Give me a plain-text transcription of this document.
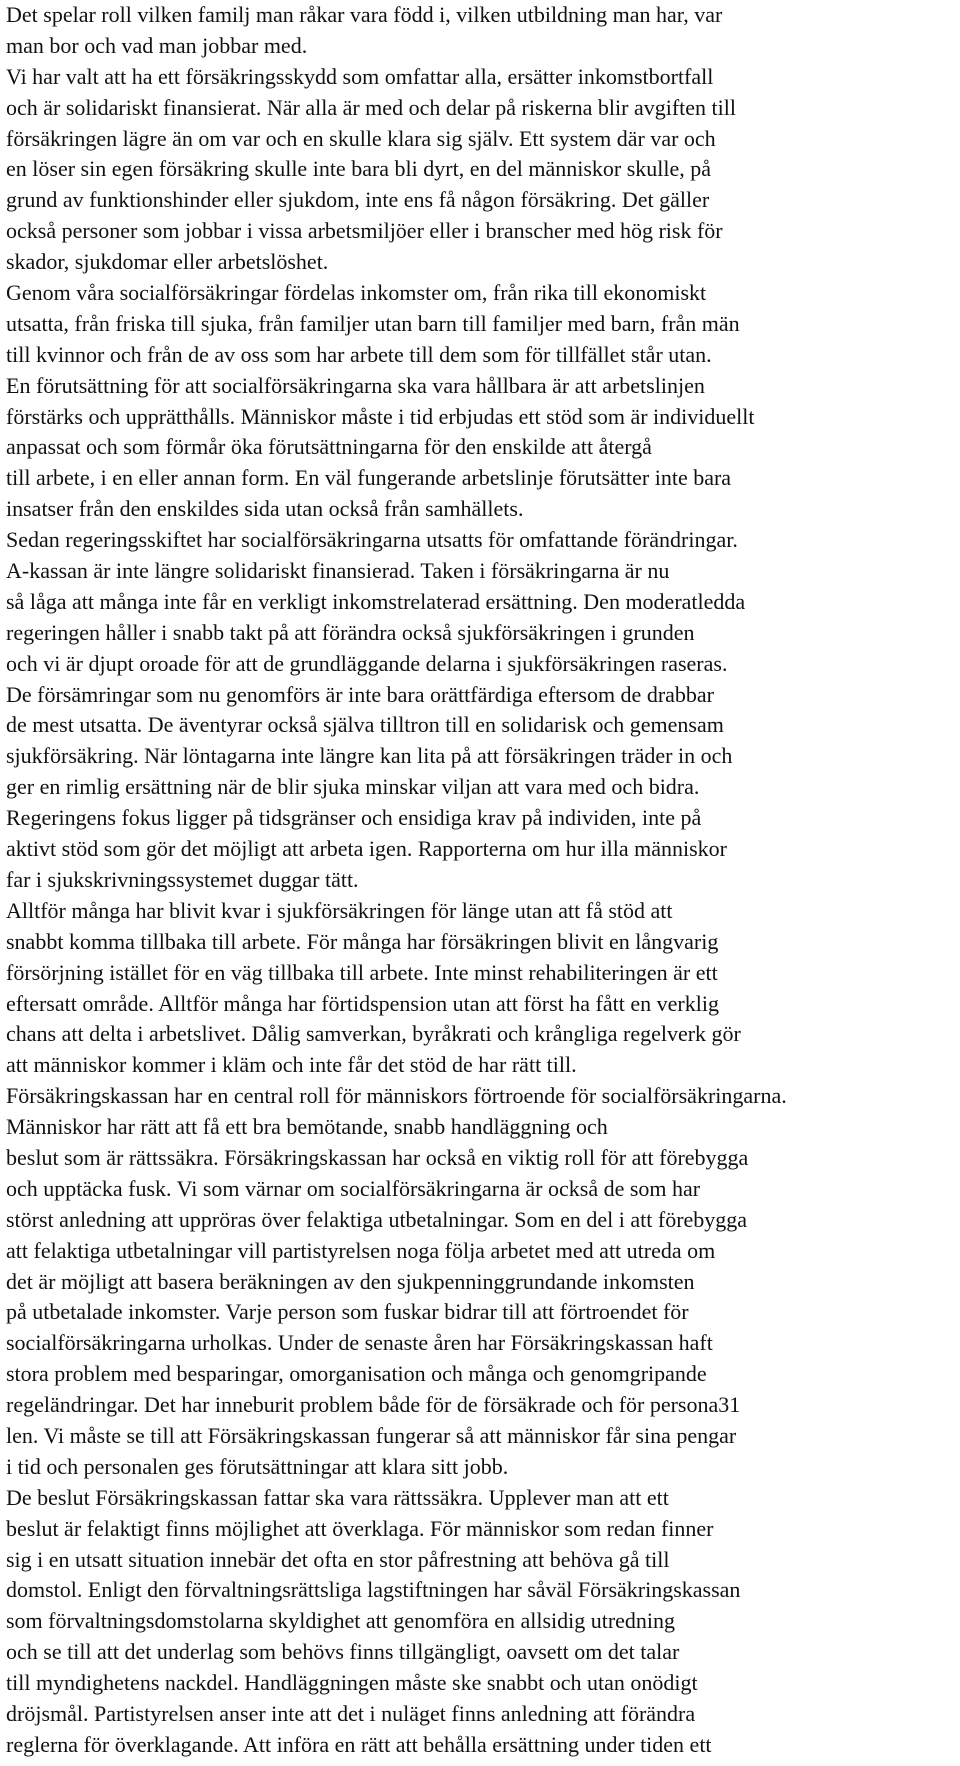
Det spelar roll vilken familj man råkar vara född i, vilken utbildning man har, var
man bor och vad man jobbar med.
Vi har valt att ha ett försäkringsskydd som omfattar alla, ersätter inkomstbortfall
och är solidariskt finansierat. När alla är med och delar på riskerna blir avgiften till
försäkringen lägre än om var och en skulle klara sig själv. Ett system där var och
en löser sin egen försäkring skulle inte bara bli dyrt, en del människor skulle, på
grund av funktionshinder eller sjukdom, inte ens få någon försäkring. Det gäller
också personer som jobbar i vissa arbetsmiljöer eller i branscher med hög risk för
skador, sjukdomar eller arbetslöshet.
Genom våra socialförsäkringar fördelas inkomster om, från rika till ekonomiskt
utsatta, från friska till sjuka, från familjer utan barn till familjer med barn, från män
till kvinnor och från de av oss som har arbete till dem som för tillfället står utan.
En förutsättning för att socialförsäkringarna ska vara hållbara är att arbetslinjen
förstärks och upprätthålls. Människor måste i tid erbjudas ett stöd som är individuellt
anpassat och som förmår öka förutsättningarna för den enskilde att återgå
till arbete, i en eller annan form. En väl fungerande arbetslinje förutsätter inte bara
insatser från den enskildes sida utan också från samhällets.
Sedan regeringsskiftet har socialförsäkringarna utsatts för omfattande förändringar.
A-kassan är inte längre solidariskt finansierad. Taken i försäkringarna är nu
så låga att många inte får en verkligt inkomstrelaterad ersättning. Den moderatledda
regeringen håller i snabb takt på att förändra också sjukförsäkringen i grunden
och vi är djupt oroade för att de grundläggande delarna i sjukförsäkringen raseras.
De försämringar som nu genomförs är inte bara orättfärdiga eftersom de drabbar
de mest utsatta. De äventyrar också själva tilltron till en solidarisk och gemensam
sjukförsäkring. När löntagarna inte längre kan lita på att försäkringen träder in och
ger en rimlig ersättning när de blir sjuka minskar viljan att vara med och bidra.
Regeringens fokus ligger på tidsgränser och ensidiga krav på individen, inte på
aktivt stöd som gör det möjligt att arbeta igen. Rapporterna om hur illa människor
far i sjukskrivningssystemet duggar tätt.
Alltför många har blivit kvar i sjukförsäkringen för länge utan att få stöd att
snabbt komma tillbaka till arbete. För många har försäkringen blivit en långvarig
försörjning istället för en väg tillbaka till arbete. Inte minst rehabiliteringen är ett
eftersatt område. Alltför många har förtidspension utan att först ha fått en verklig
chans att delta i arbetslivet. Dålig samverkan, byråkrati och krångliga regelverk gör
att människor kommer i kläm och inte får det stöd de har rätt till.
Försäkringskassan har en central roll för människors förtroende för socialförsäkringarna.
Människor har rätt att få ett bra bemötande, snabb handläggning och
beslut som är rättssäkra. Försäkringskassan har också en viktig roll för att förebygga
och upptäcka fusk. Vi som värnar om socialförsäkringarna är också de som har
störst anledning att uppröras över felaktiga utbetalningar. Som en del i att förebygga
att felaktiga utbetalningar vill partistyrelsen noga följa arbetet med att utreda om
det är möjligt att basera beräkningen av den sjukpenninggrundande inkomsten
på utbetalade inkomster. Varje person som fuskar bidrar till att förtroendet för
socialförsäkringarna urholkas. Under de senaste åren har Försäkringskassan haft
stora problem med besparingar, omorganisation och många och genomgripande
regeländringar. Det har inneburit problem både för de försäkrade och för persona31
len. Vi måste se till att Försäkringskassan fungerar så att människor får sina pengar
i tid och personalen ges förutsättningar att klara sitt jobb.
De beslut Försäkringskassan fattar ska vara rättssäkra. Upplever man att ett
beslut är felaktigt finns möjlighet att överklaga. För människor som redan finner
sig i en utsatt situation innebär det ofta en stor påfrestning att behöva gå till
domstol. Enligt den förvaltningsrättsliga lagstiftningen har såväl Försäkringskassan
som förvaltningsdomstolarna skyldighet att genomföra en allsidig utredning
och se till att det underlag som behövs finns tillgängligt, oavsett om det talar
till myndighetens nackdel. Handläggningen måste ske snabbt och utan onödigt
dröjsmål. Partistyrelsen anser inte att det i nuläget finns anledning att förändra
reglerna för överklagande. Att införa en rätt att behålla ersättning under tiden ett
